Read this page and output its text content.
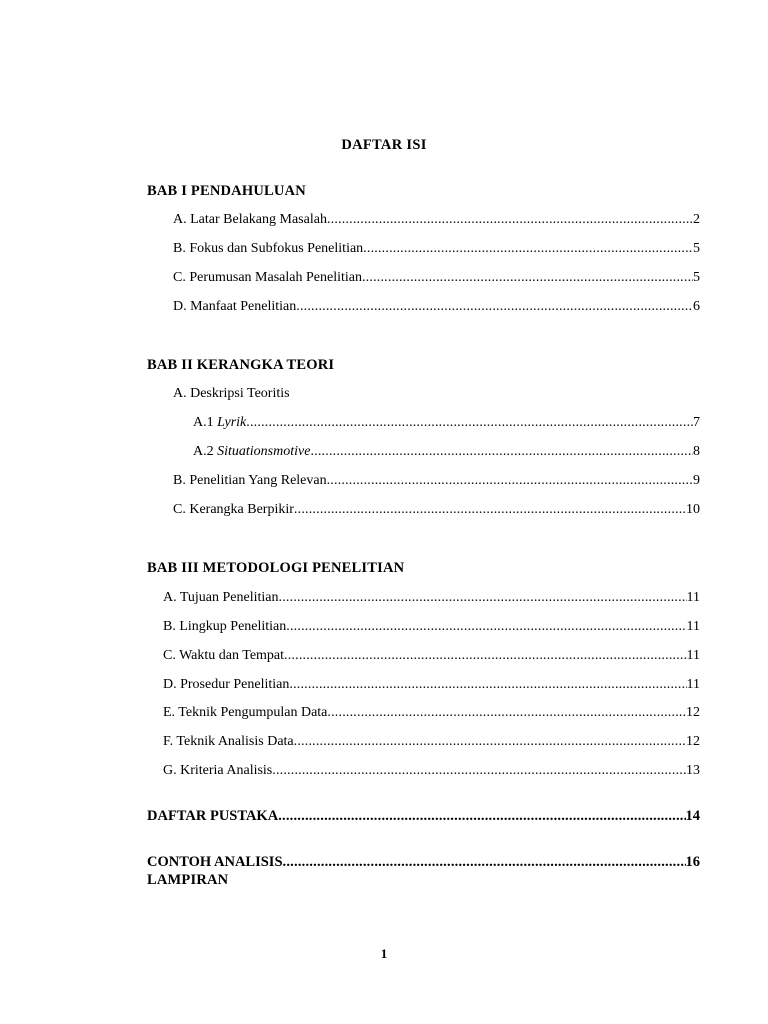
DAFTAR ISI
BAB I PENDAHULUAN
A. Latar Belakang Masalah .....	2
B. Fokus dan Subfokus Penelitian .....	5
C. Perumusan Masalah Penelitian .....	5
D. Manfaat Penelitian .....	6
BAB II KERANGKA TEORI
A. Deskripsi Teoritis
A.1 Lyrik .....	7
A.2 Situationsmotive .....	8
B. Penelitian Yang Relevan .....	9
C. Kerangka Berpikir .....	10
BAB III METODOLOGI PENELITIAN
A. Tujuan Penelitian .....	11
B. Lingkup Penelitian .....	11
C. Waktu dan Tempat .....	11
D. Prosedur Penelitian .....	11
E. Teknik Pengumpulan Data .....	12
F. Teknik Analisis Data .....	12
G. Kriteria Analisis .....	13
DAFTAR PUSTAKA .....	14
CONTOH ANALISIS .....	16
LAMPIRAN
1
